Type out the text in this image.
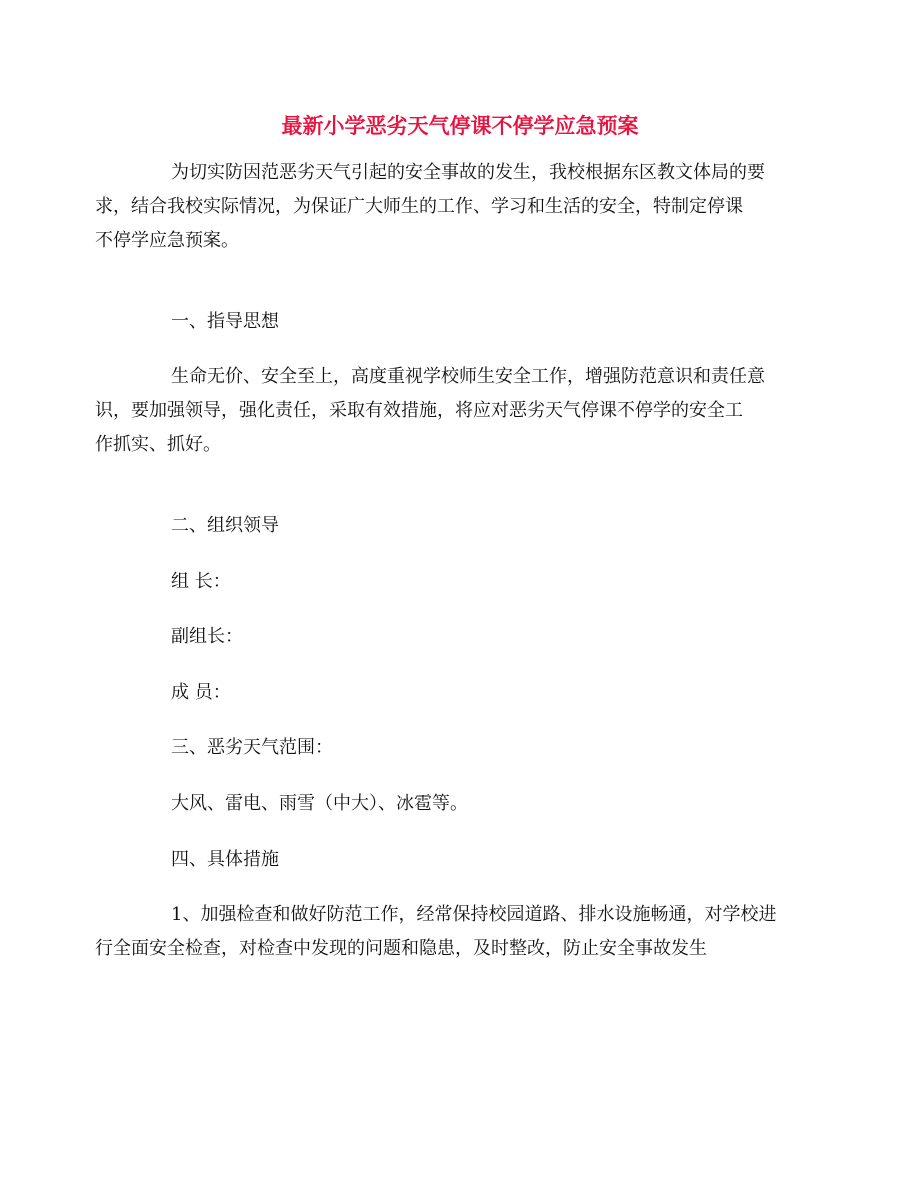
最新小学恶劣天气停课不停学应急预案

为切实防因范恶劣天气引起的安全事故的发生，我校根据东区教文体局的要
求，结合我校实际情况，为保证广大师生的工作、学习和生活的安全，特制定停课
不停学应急预案。

一、指导思想

生命无价、安全至上，高度重视学校师生安全工作，增强防范意识和责任意
识，要加强领导，强化责任，采取有效措施，将应对恶劣天气停课不停学的安全工
作抓实、抓好。

二、组织领导

组 长：

副组长：

成 员：

三、恶劣天气范围：

大风、雷电、雨雪（中大）、冰雹等。

四、具体措施

1、加强检查和做好防范工作，经常保持校园道路、排水设施畅通，对学校进
行全面安全检查，对检查中发现的问题和隐患，及时整改，防止安全事故发生
